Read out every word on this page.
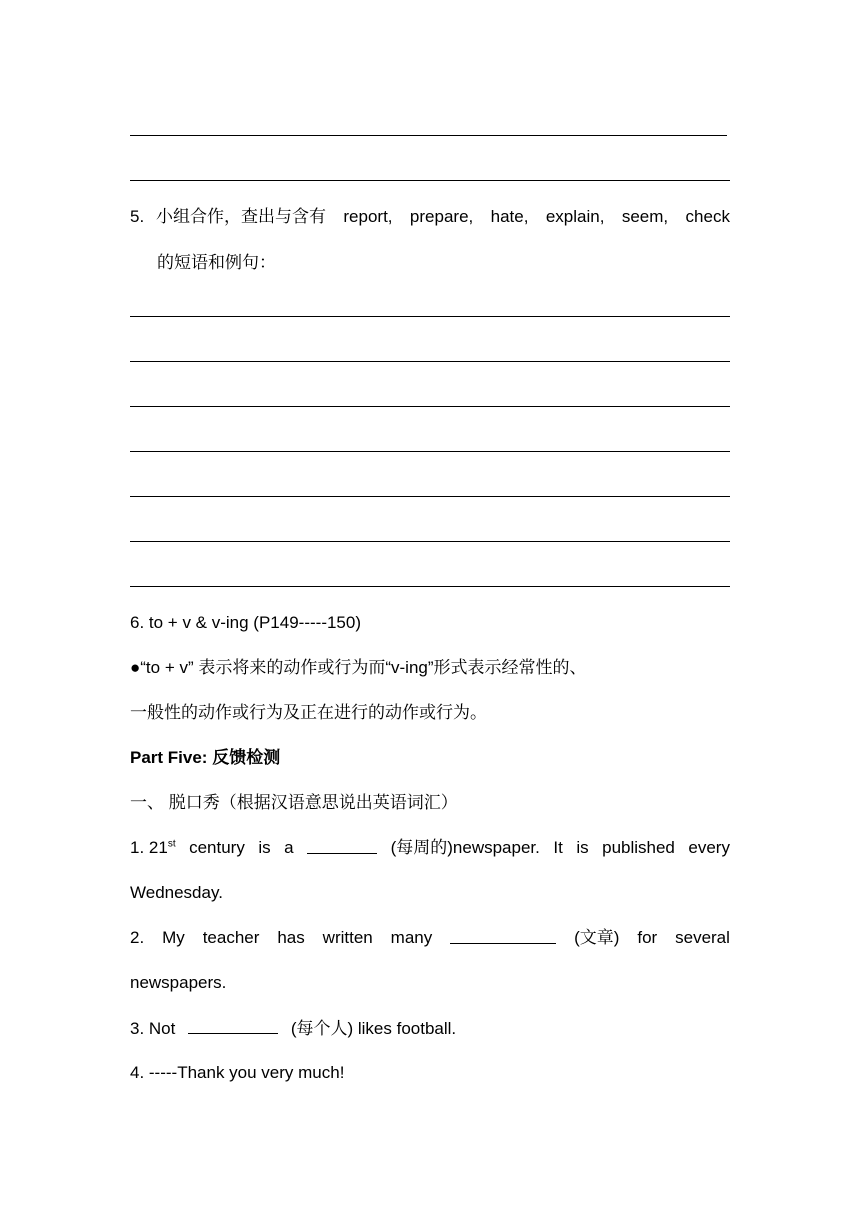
5. 小组合作，查出与含有 report, prepare, hate, explain, seem, check
的短语和例句：
6. to + v & v-ing (P149-----150)
●“to + v” 表示将来的动作或行为而“v-ing”形式表示经常性的、
一般性的动作或行为及正在进行的动作或行为。
Part Five: 反馈检测
一、 脱口秀（根据汉语意思说出英语词汇）
1. 21st century is a	(每周的)newspaper. It is published every
Wednesday.
2. My teacher has written many	(文章) for several
newspapers.
3. Not	(每个人) likes football.
4. -----Thank you very much!
